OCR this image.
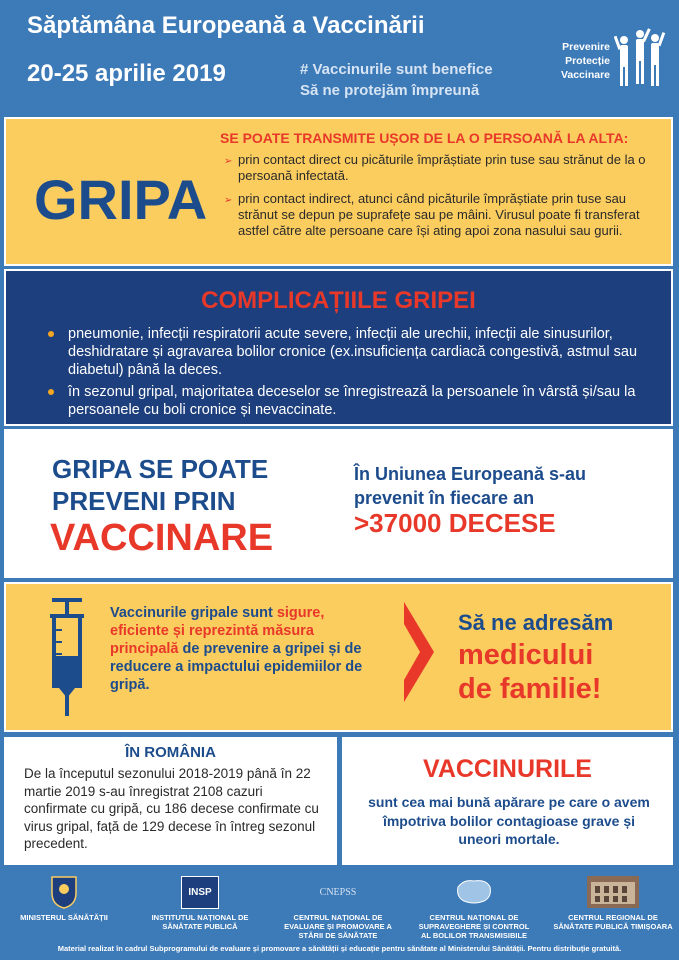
Săptămâna Europeană a Vaccinării
20-25 aprilie 2019	# Vaccinurile sunt benefice
Să ne protejăm împreună
Prevenire
Protecție
Vaccinare
GRIPA
SE POATE TRANSMITE UȘOR DE LA O PERSOANĂ LA ALTA:
➢ prin contact direct cu picăturile împrăștiate prin tuse sau strănut de la o persoană infectată.
➢ prin contact indirect, atunci când picăturile împrăștiate prin tuse sau strănut se depun pe suprafețe sau pe mâini. Virusul poate fi transferat astfel către alte persoane care își ating apoi zona nasului sau gurii.
COMPLICAȚIILE GRIPEI
pneumonie, infecții respiratorii acute severe, infecții ale urechii, infecții ale sinusurilor, deshidratare și agravarea bolilor cronice (ex.insuficiența cardiacă congestivă, astmul sau diabetul) până la deces.
în sezonul gripal, majoritatea deceselor se înregistrează la persoanele în vârstă și/sau la persoanele cu boli cronice și nevaccinate.
GRIPA SE POATE
PREVENI PRIN
VACCINARE
În Uniunea Europeană s-au prevenit în fiecare an
>37000 DECESE
Vaccinurile gripale sunt sigure, eficiente și reprezintă măsura principală de prevenire a gripei și de reducere a impactului epidemiilor de gripă.
Să ne adresăm
medicului
de familie!
ÎN ROMÂNIA
De la începutul sezonului 2018-2019 până în 22 martie 2019 s-au înregistrat 2108 cazuri confirmate cu gripă, cu 186 decese confirmate cu virus gripal, față de 129 decese în întreg sezonul precedent.
VACCINURILE
sunt cea mai bună apărare pe care o avem împotriva bolilor contagioase grave și uneori mortale.
MINISTERUL SĂNĂTĂȚII
INSP
INSTITUTUL NAȚIONAL DE SĂNĂTATE PUBLICĂ
CNEPSS
CENTRUL NAȚIONAL DE EVALUARE ȘI PROMOVARE A STĂRII DE SĂNĂTATE
CENTRUL NAȚIONAL DE SUPRAVEGHERE ȘI CONTROL AL BOLILOR TRANSMISIBILE
CENTRUL REGIONAL DE SĂNĂTATE PUBLICĂ TIMIȘOARA
Material realizat în cadrul Subprogramului de evaluare și promovare a sănătății și educație pentru sănătate al Ministerului Sănătății. Pentru distribuție gratuită.
